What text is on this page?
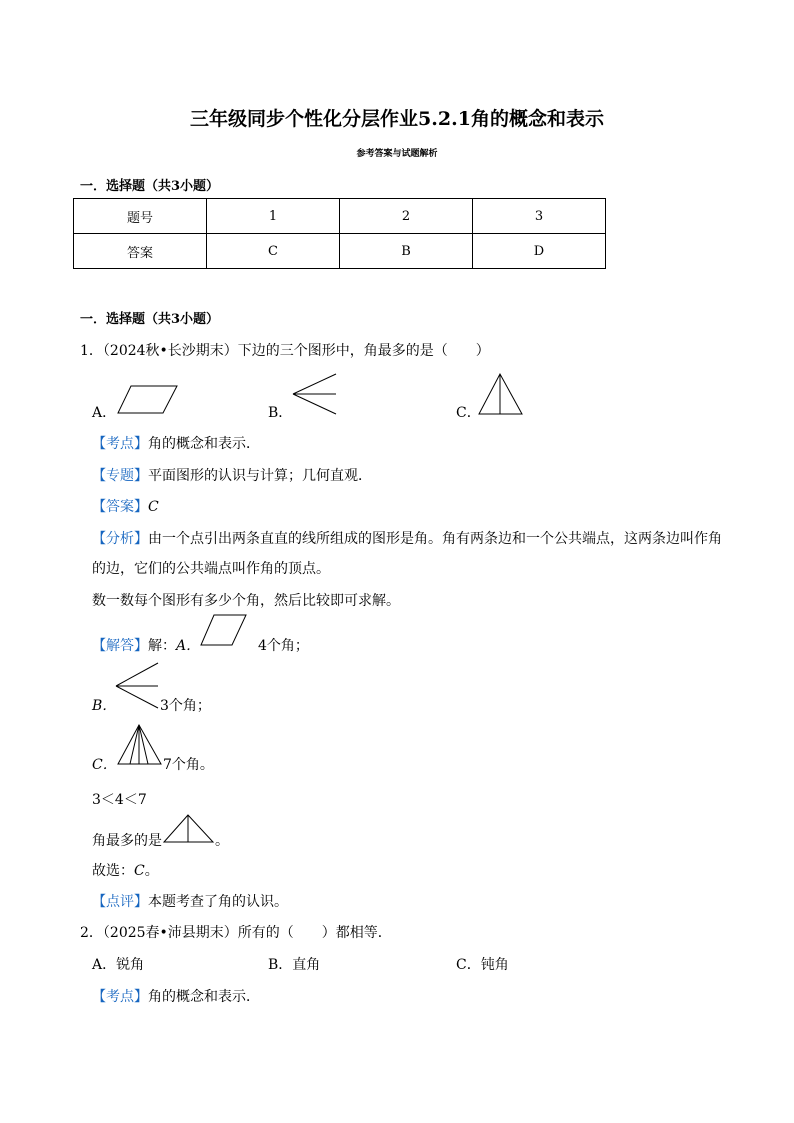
三年级同步个性化分层作业5.2.1角的概念和表示
参考答案与试题解析
一．选择题（共3小题）
题号	1	2	3
答案	C	B	D
一．选择题（共3小题）
1．（2024秋•长沙期末）下边的三个图形中，角最多的是（　　）
A．	B．	C．
【考点】角的概念和表示．
【专题】平面图形的认识与计算；几何直观．
【答案】C
【分析】由一个点引出两条直直的线所组成的图形是角。角有两条边和一个公共端点，这两条边叫作角
的边，它们的公共端点叫作角的顶点。
数一数每个图形有多少个角，然后比较即可求解。
【解答】解：A．	4个角；
B．	3个角；
C．	7个角。
3＜4＜7
角最多的是	。
故选：C。
【点评】本题考查了角的认识。
2．（2025春•沛县期末）所有的（　　）都相等．
A．锐角	B．直角	C．钝角
【考点】角的概念和表示．
